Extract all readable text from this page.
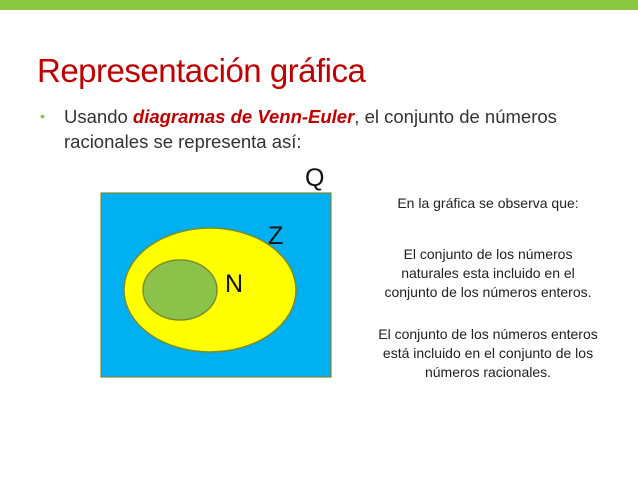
Representación gráfica
• Usando diagramas de Venn-Euler, el conjunto de números racionales se representa así:
Q
Z
N
En la gráfica se observa que:
El conjunto de los números naturales esta incluido en el conjunto de los números enteros.
El conjunto de los números enteros está incluido en el conjunto de los números racionales.
